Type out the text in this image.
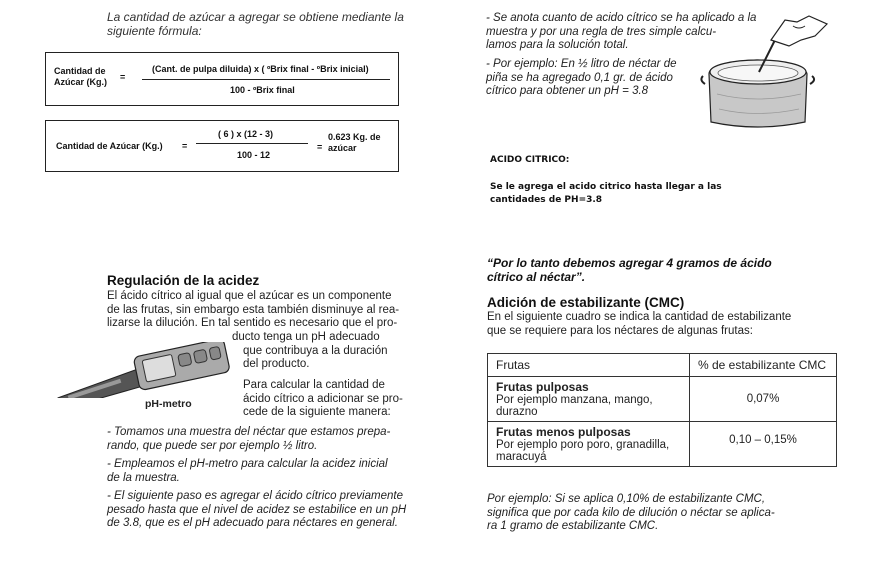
La cantidad de azúcar a agregar se obtiene mediante la
siguiente fórmula:
Cantidad de
Azúcar (Kg.) =
(Cant. de pulpa diluida) x ( ºBrix final - ºBrix inicial)
100 - ºBrix final
Cantidad de Azúcar (Kg.) =
( 6 ) x (12 - 3)
100 - 12
=
0.623 Kg. de
azúcar
Regulación de la acidez
El ácido cítrico al igual que el azúcar es un componente
de las frutas, sin embargo esta también disminuye al rea-
lizarse la dilución. En tal sentido es necesario que el pro-
ducto tenga un pH adecuado
que contribuya a la duración
del producto.
Para calcular la cantidad de
ácido cítrico a adicionar se pro-
cede de la siguiente manera:
pH-metro
- Tomamos una muestra del néctar que estamos prepa-
rando, que puede ser por ejemplo ½ litro.
- Empleamos el pH-metro para calcular la acidez inicial
de la muestra.
- El siguiente paso es agregar el ácido cítrico previamente
pesado hasta que el nivel de acidez se estabilice en un pH
de 3.8, que es el pH adecuado para néctares en general.
- Se anota cuanto de acido cítrico se ha aplicado a la
muestra y por una regla de tres simple calcu-
lamos para la solución total.
- Por ejemplo: En ½ litro de néctar de
piña se ha agregado 0,1 gr. de ácido
cítrico para obtener un pH = 3.8
ACIDO CITRICO:
Se le agrega el acido citrico hasta llegar a las
cantidades de PH=3.8
“Por lo tanto debemos agregar 4 gramos de ácido
cítrico al néctar”.
Adición de estabilizante (CMC)
En el siguiente cuadro se indica la cantidad de estabilizante
que se requiere para los néctares de algunas frutas:
Frutas	% de estabilizante CMC

Frutas pulposas
Por ejemplo manzana, mango,
durazno	0,07%

Frutas menos pulposas
Por ejemplo poro poro, granadilla,
maracuyá	0,10 – 0,15%
Por ejemplo: Si se aplica 0,10% de estabilizante CMC,
significa que por cada kilo de dilución o néctar se aplica-
ra 1 gramo de estabilizante CMC.
